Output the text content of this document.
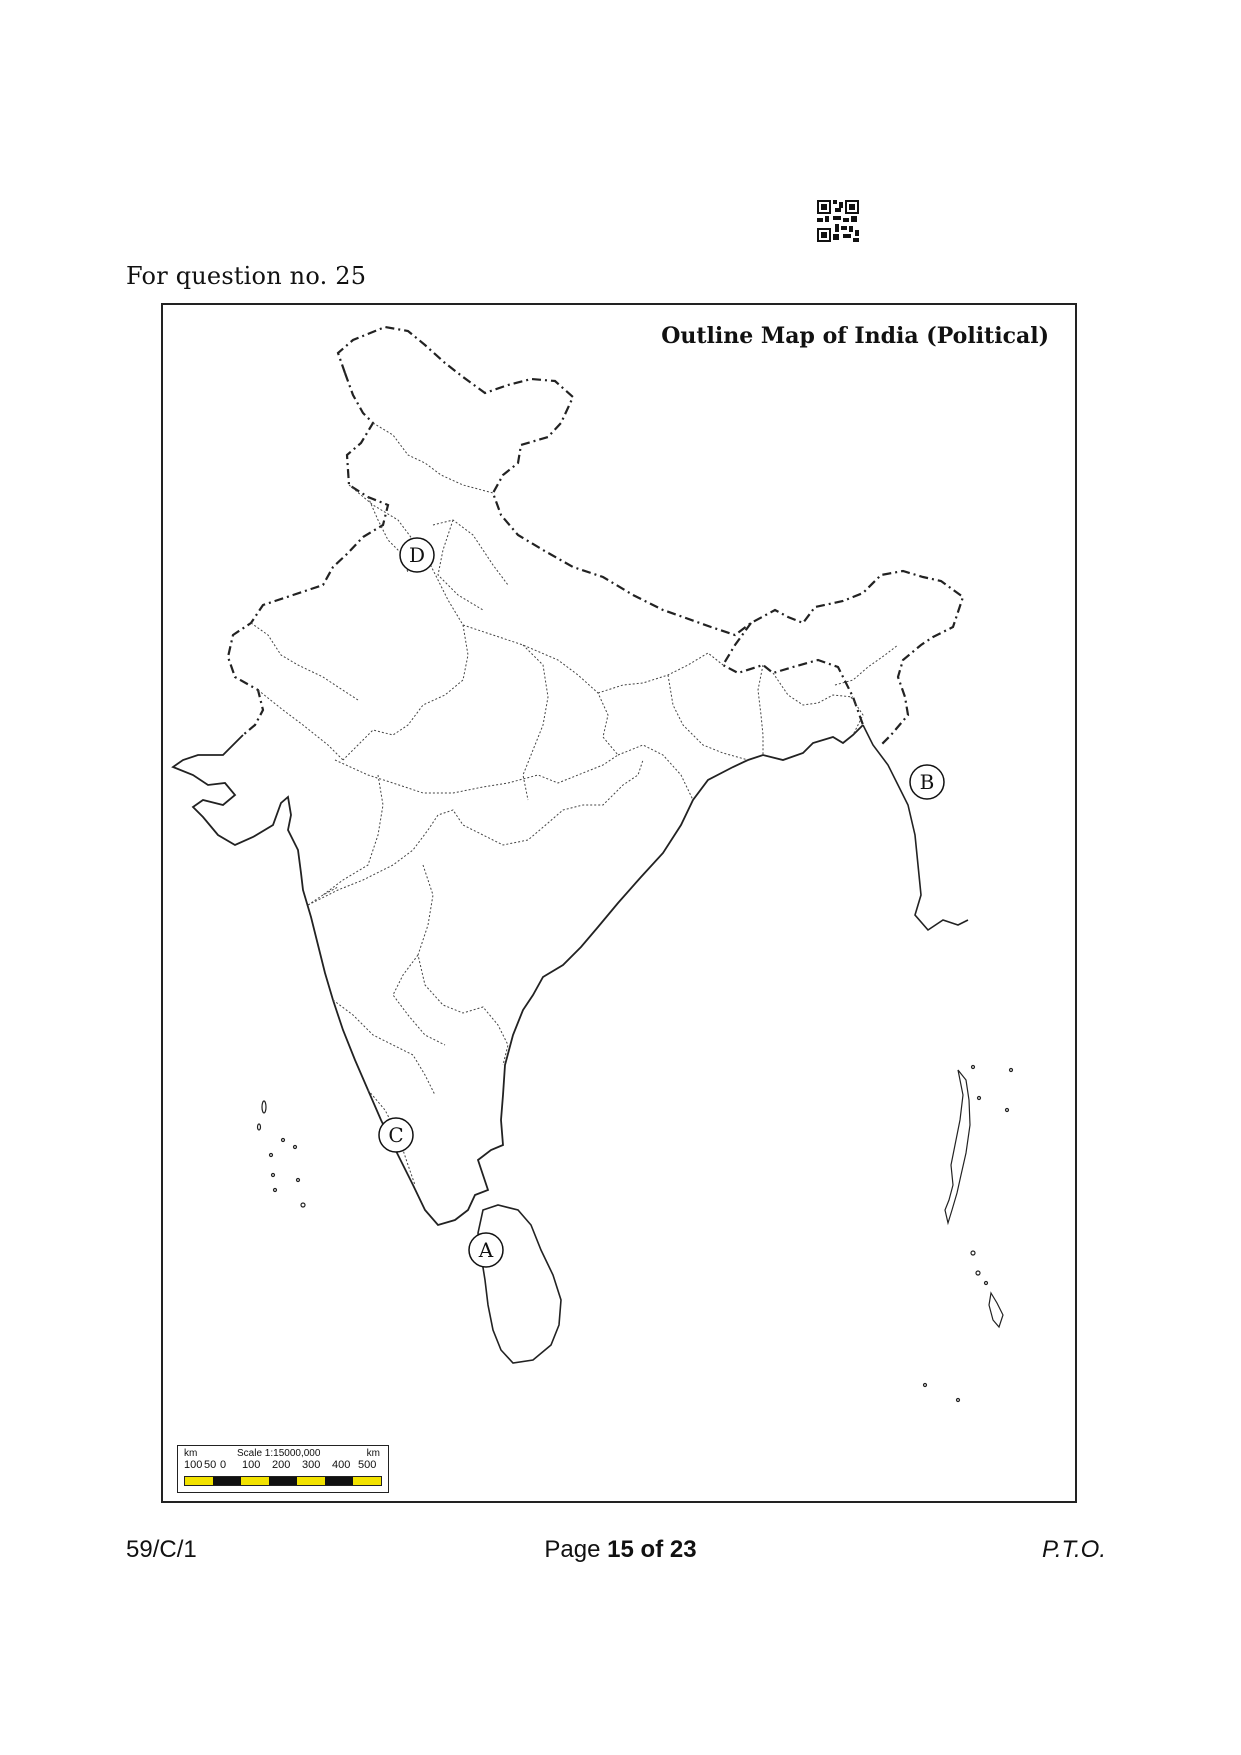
For question no. 25
D
B
C
A
Outline Map of India (Political)
km	Scale 1:15000,000	km
100 50 0 100 200 300 400 500
59/C/1	Page 15 of 23	P.T.O.
